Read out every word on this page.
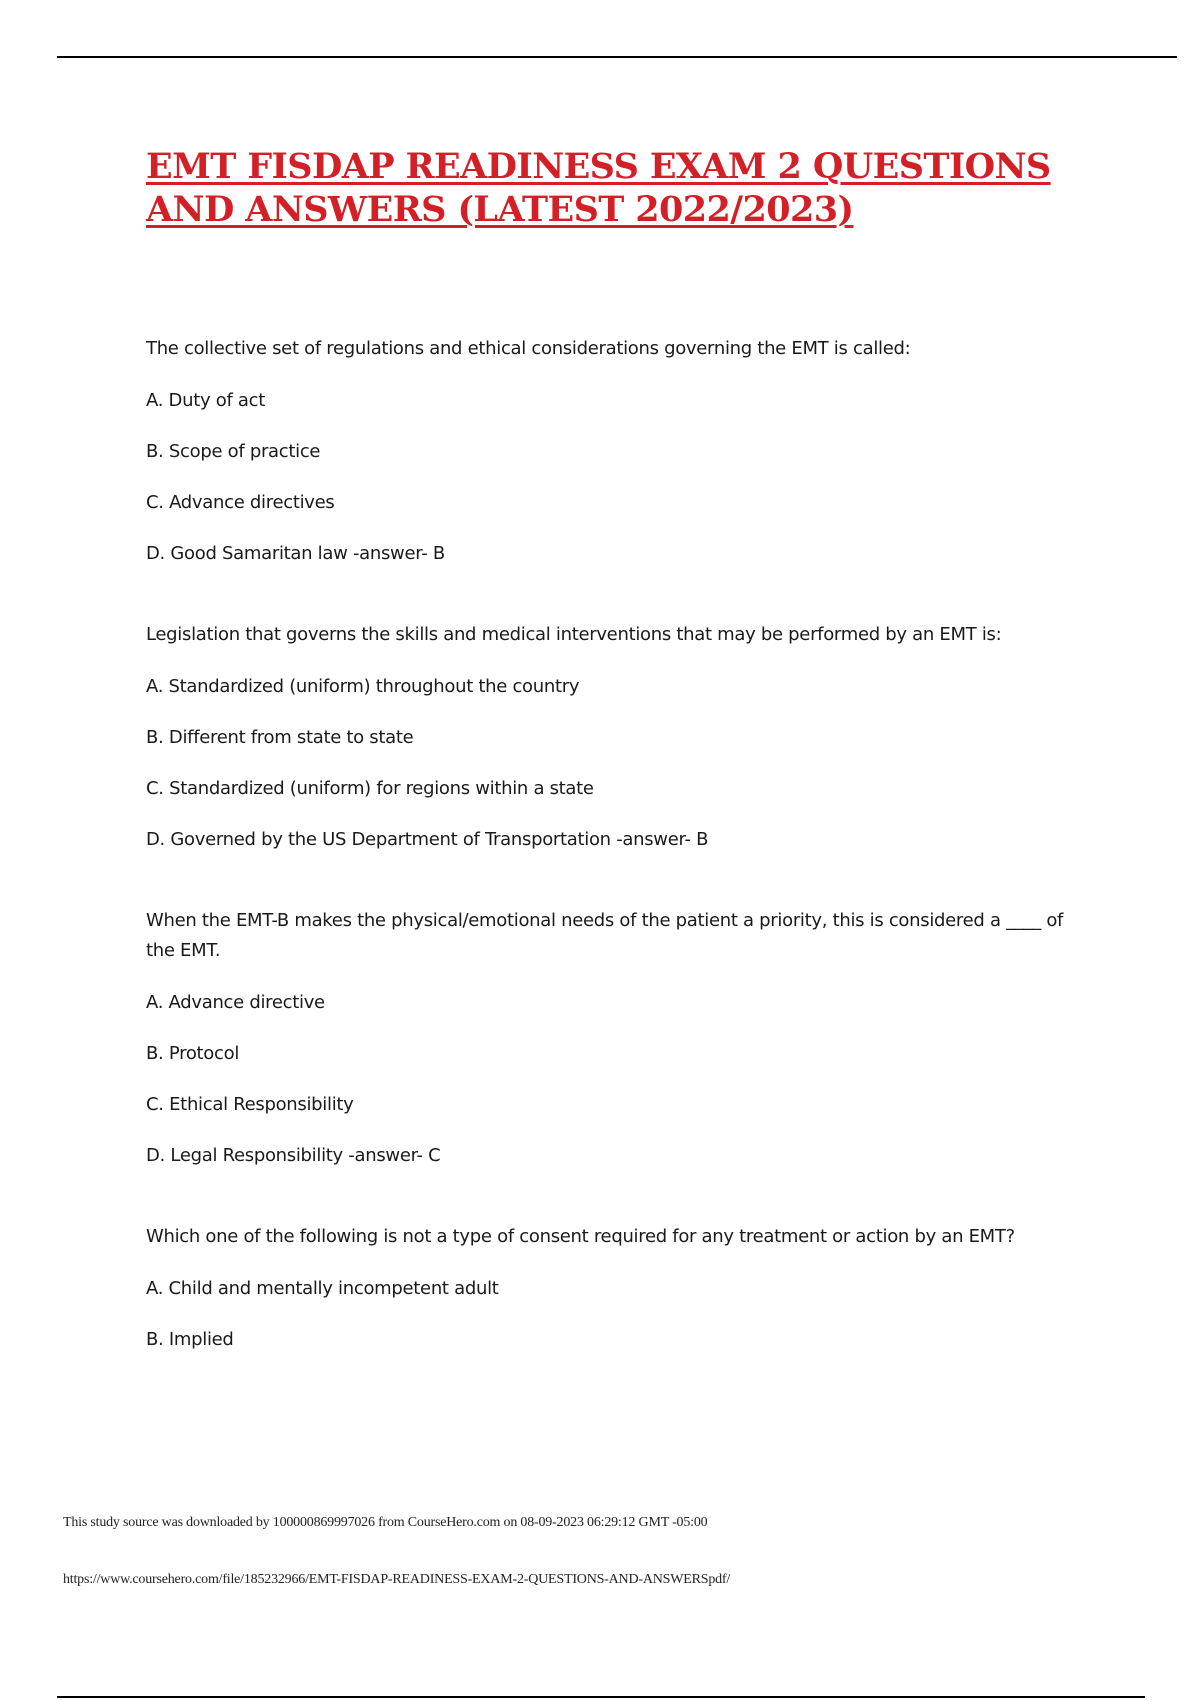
EMT FISDAP READINESS EXAM 2 QUESTIONS AND ANSWERS (LATEST 2022/2023)

The collective set of regulations and ethical considerations governing the EMT is called:

A. Duty of act

B. Scope of practice

C. Advance directives

D. Good Samaritan law -answer- B

Legislation that governs the skills and medical interventions that may be performed by an EMT is:

A. Standardized (uniform) throughout the country

B. Different from state to state

C. Standardized (uniform) for regions within a state

D. Governed by the US Department of Transportation -answer- B

When the EMT-B makes the physical/emotional needs of the patient a priority, this is considered a ____ of the EMT.

A. Advance directive

B. Protocol

C. Ethical Responsibility

D. Legal Responsibility -answer- C

Which one of the following is not a type of consent required for any treatment or action by an EMT?

A. Child and mentally incompetent adult

B. Implied

This study source was downloaded by 100000869997026 from CourseHero.com on 08-09-2023 06:29:12 GMT -05:00
https://www.coursehero.com/file/185232966/EMT-FISDAP-READINESS-EXAM-2-QUESTIONS-AND-ANSWERSpdf/
